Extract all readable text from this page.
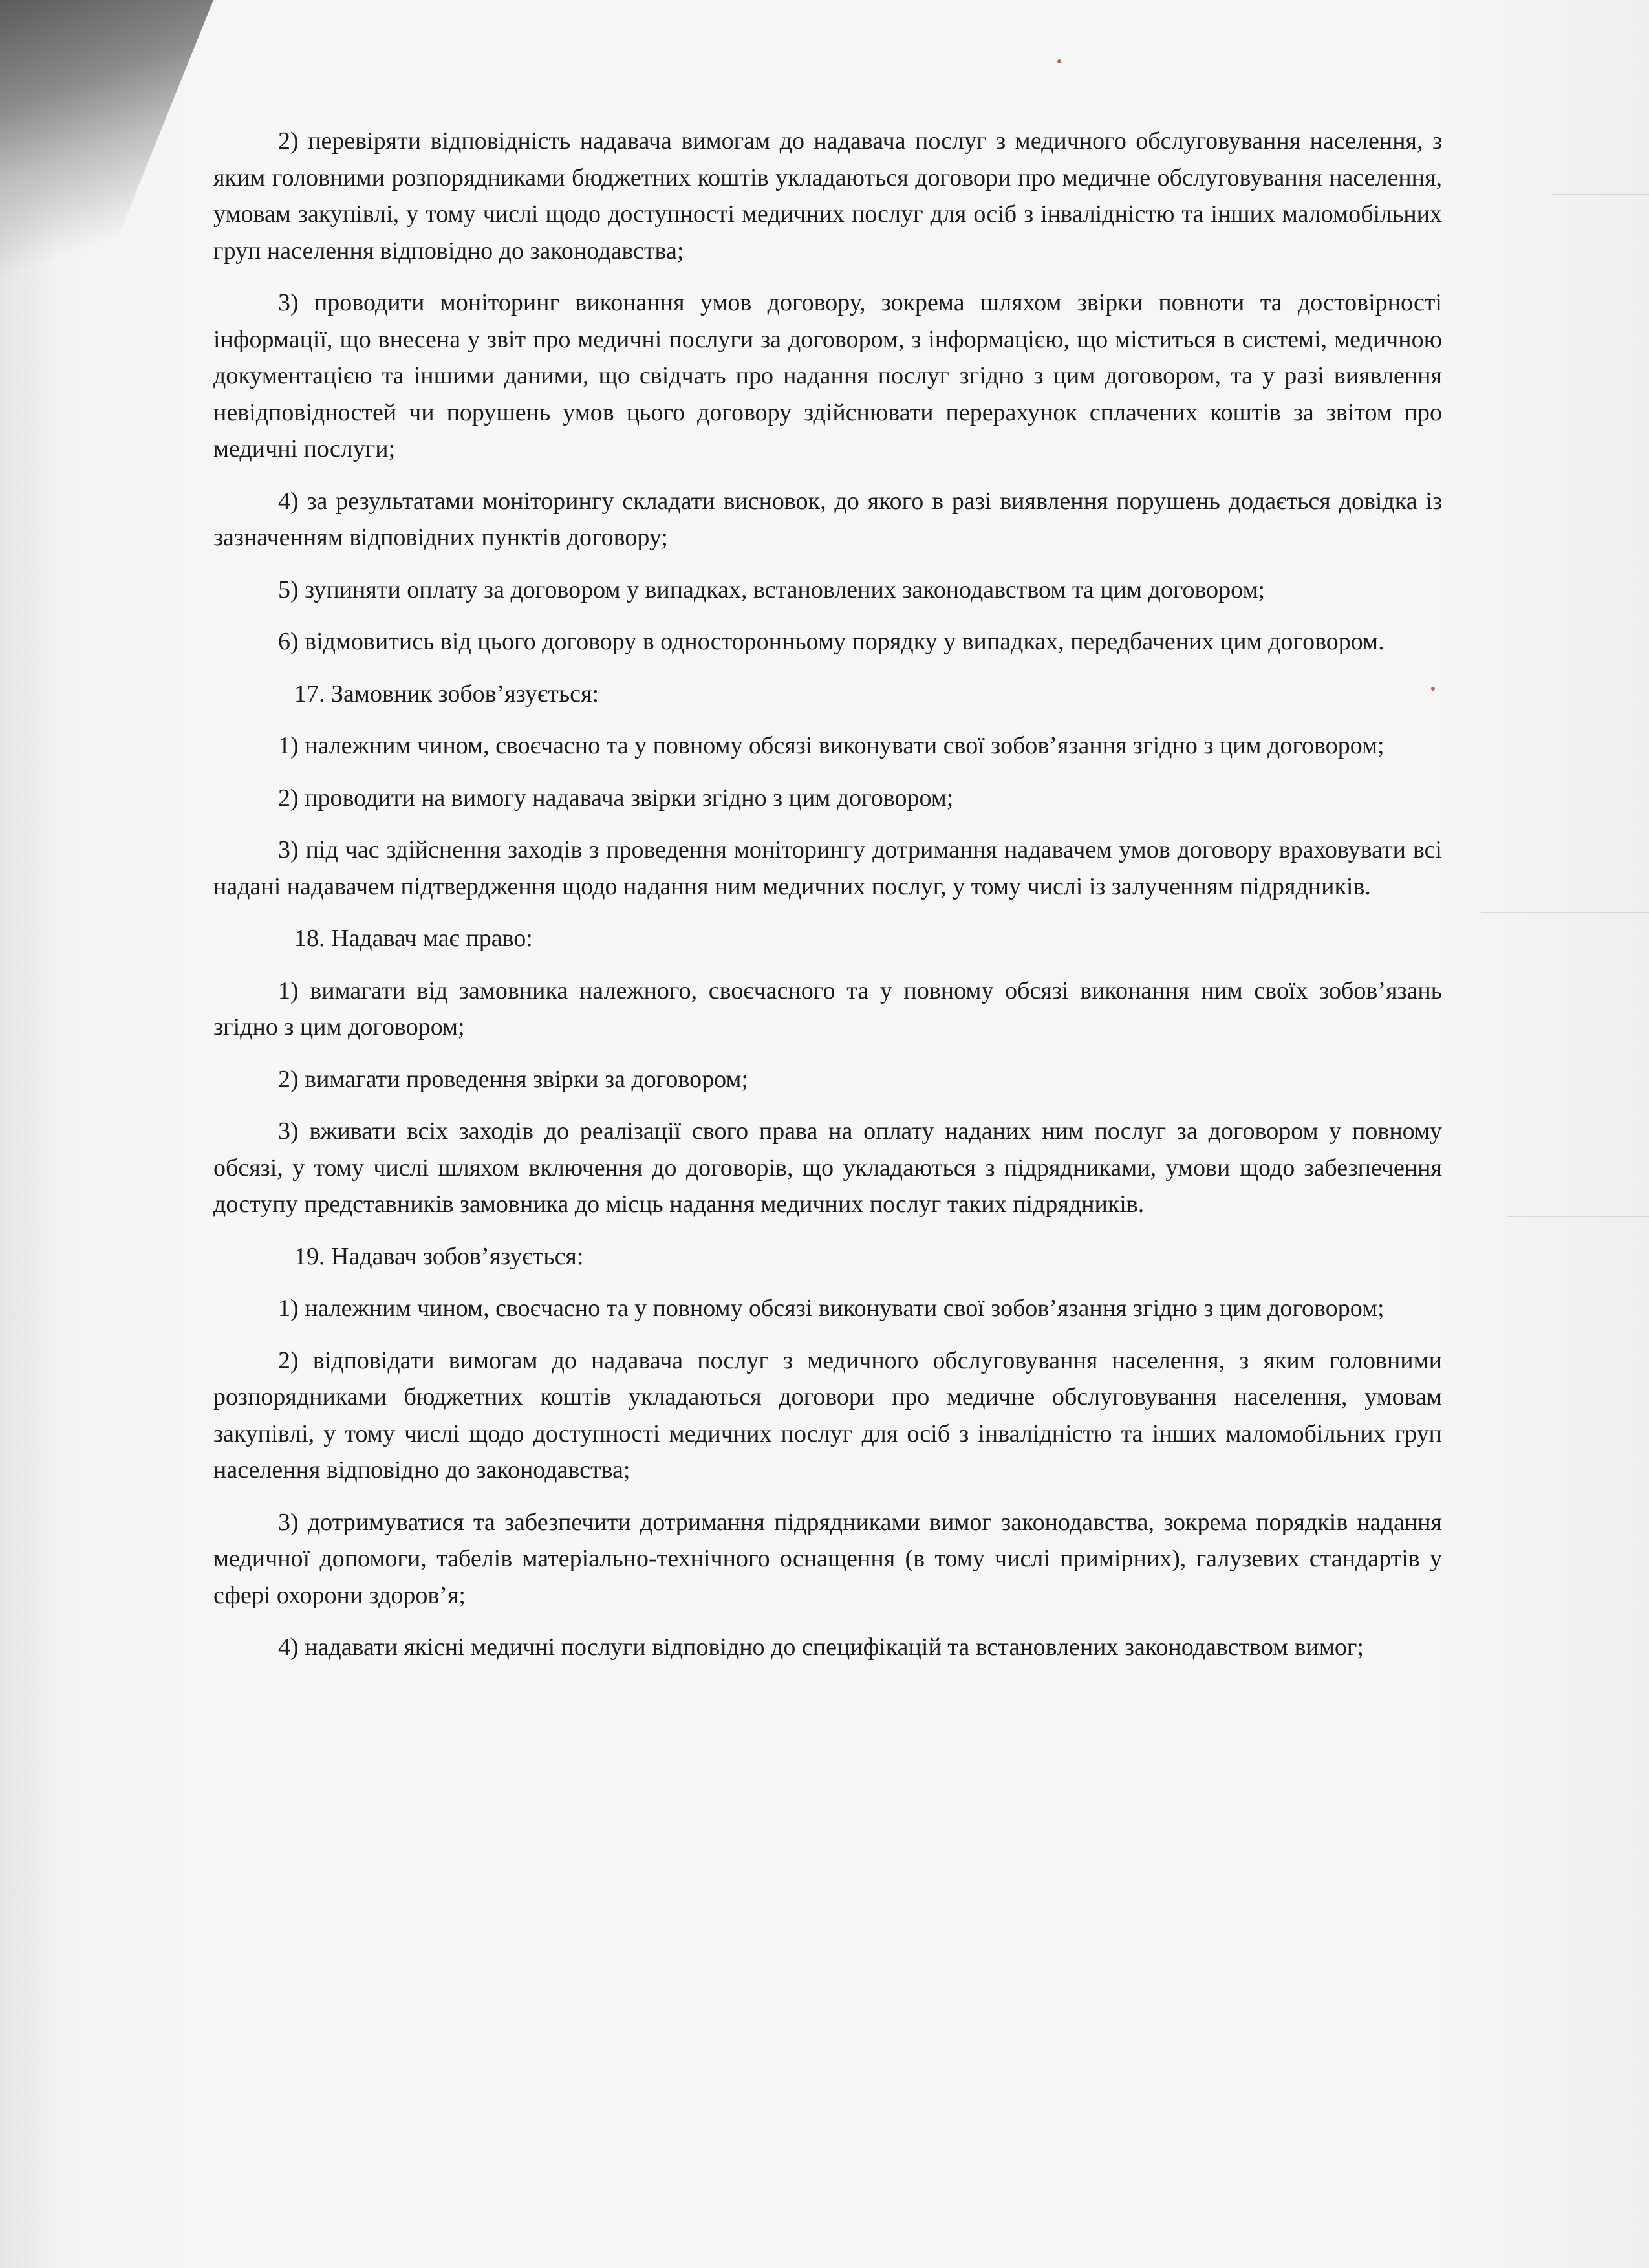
2) перевіряти відповідність надавача вимогам до надавача послуг з медичного обслуговування населення, з яким головними розпорядниками бюджетних коштів укладаються договори про медичне обслуговування населення, умовам закупівлі, у тому числі щодо доступності медичних послуг для осіб з інвалідністю та інших маломобільних груп населення відповідно до законодавства;

3) проводити моніторинг виконання умов договору, зокрема шляхом звірки повноти та достовірності інформації, що внесена у звіт про медичні послуги за договором, з інформацією, що міститься в системі, медичною документацією та іншими даними, що свідчать про надання послуг згідно з цим договором, та у разі виявлення невідповідностей чи порушень умов цього договору здійснювати перерахунок сплачених коштів за звітом про медичні послуги;

4) за результатами моніторингу складати висновок, до якого в разі виявлення порушень додається довідка із зазначенням відповідних пунктів договору;

5) зупиняти оплату за договором у випадках, встановлених законодавством та цим договором;

6) відмовитись від цього договору в односторонньому порядку у випадках, передбачених цим договором.

17. Замовник зобов’язується:

1) належним чином, своєчасно та у повному обсязі виконувати свої зобов’язання згідно з цим договором;

2) проводити на вимогу надавача звірки згідно з цим договором;

3) під час здійснення заходів з проведення моніторингу дотримання надавачем умов договору враховувати всі надані надавачем підтвердження щодо надання ним медичних послуг, у тому числі із залученням підрядників.

18. Надавач має право:

1) вимагати від замовника належного, своєчасного та у повному обсязі виконання ним своїх зобов’язань згідно з цим договором;

2) вимагати проведення звірки за договором;

3) вживати всіх заходів до реалізації свого права на оплату наданих ним послуг за договором у повному обсязі, у тому числі шляхом включення до договорів, що укладаються з підрядниками, умови щодо забезпечення доступу представників замовника до місць надання медичних послуг таких підрядників.

19. Надавач зобов’язується:

1) належним чином, своєчасно та у повному обсязі виконувати свої зобов’язання згідно з цим договором;

2) відповідати вимогам до надавача послуг з медичного обслуговування населення, з яким головними розпорядниками бюджетних коштів укладаються договори про медичне обслуговування населення, умовам закупівлі, у тому числі щодо доступності медичних послуг для осіб з інвалідністю та інших маломобільних груп населення відповідно до законодавства;

3) дотримуватися та забезпечити дотримання підрядниками вимог законодавства, зокрема порядків надання медичної допомоги, табелів матеріально-технічного оснащення (в тому числі примірних), галузевих стандартів у сфері охорони здоров’я;

4) надавати якісні медичні послуги відповідно до специфікацій та встановлених законодавством вимог;
